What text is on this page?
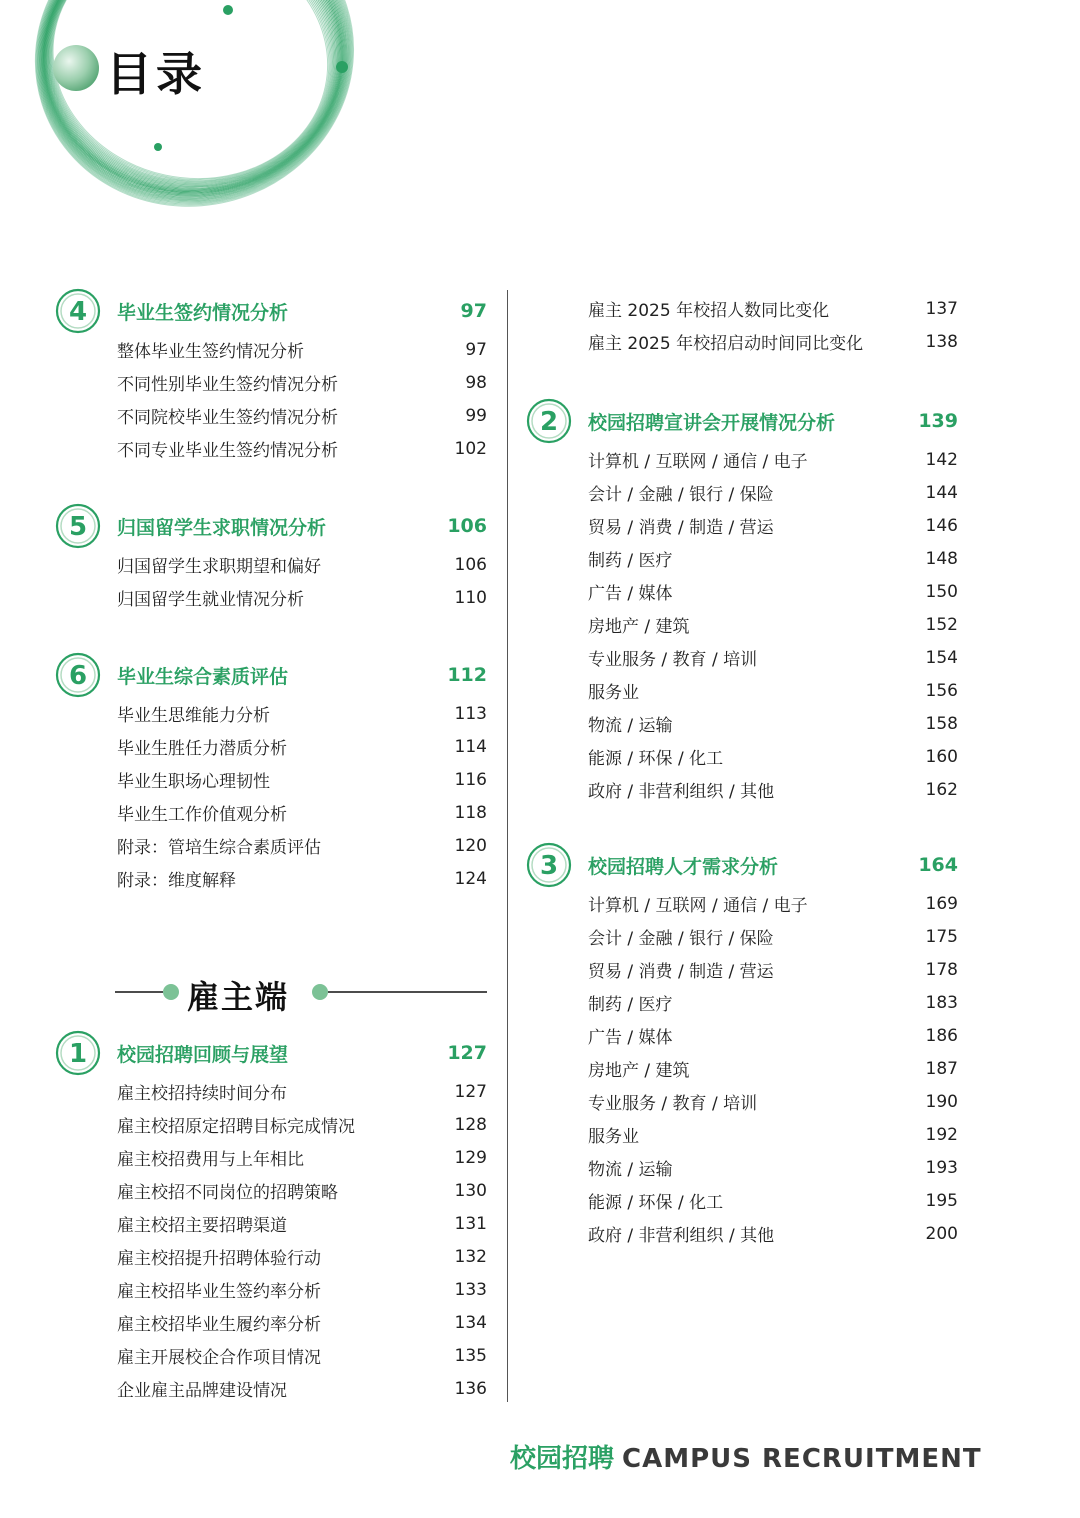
目录
4 毕业生签约情况分析	97
整体毕业生签约情况分析	97
不同性别毕业生签约情况分析	98
不同院校毕业生签约情况分析	99
不同专业毕业生签约情况分析	102
5 归国留学生求职情况分析	106
归国留学生求职期望和偏好	106
归国留学生就业情况分析	110
6 毕业生综合素质评估	112
毕业生思维能力分析	113
毕业生胜任力潜质分析	114
毕业生职场心理韧性	116
毕业生工作价值观分析	118
附录：管培生综合素质评估	120
附录：维度解释	124
雇主端
1 校园招聘回顾与展望	127
雇主校招持续时间分布	127
雇主校招原定招聘目标完成情况	128
雇主校招费用与上年相比	129
雇主校招不同岗位的招聘策略	130
雇主校招主要招聘渠道	131
雇主校招提升招聘体验行动	132
雇主校招毕业生签约率分析	133
雇主校招毕业生履约率分析	134
雇主开展校企合作项目情况	135
企业雇主品牌建设情况	136
雇主 2025 年校招人数同比变化	137
雇主 2025 年校招启动时间同比变化	138
2 校园招聘宣讲会开展情况分析	139
计算机 / 互联网 / 通信 / 电子	142
会计 / 金融 / 银行 / 保险	144
贸易 / 消费 / 制造 / 营运	146
制药 / 医疗	148
广告 / 媒体	150
房地产 / 建筑	152
专业服务 / 教育 / 培训	154
服务业	156
物流 / 运输	158
能源 / 环保 / 化工	160
政府 / 非营利组织 / 其他	162
3 校园招聘人才需求分析	164
计算机 / 互联网 / 通信 / 电子	169
会计 / 金融 / 银行 / 保险	175
贸易 / 消费 / 制造 / 营运	178
制药 / 医疗	183
广告 / 媒体	186
房地产 / 建筑	187
专业服务 / 教育 / 培训	190
服务业	192
物流 / 运输	193
能源 / 环保 / 化工	195
政府 / 非营利组织 / 其他	200
校园招聘 CAMPUS RECRUITMENT
